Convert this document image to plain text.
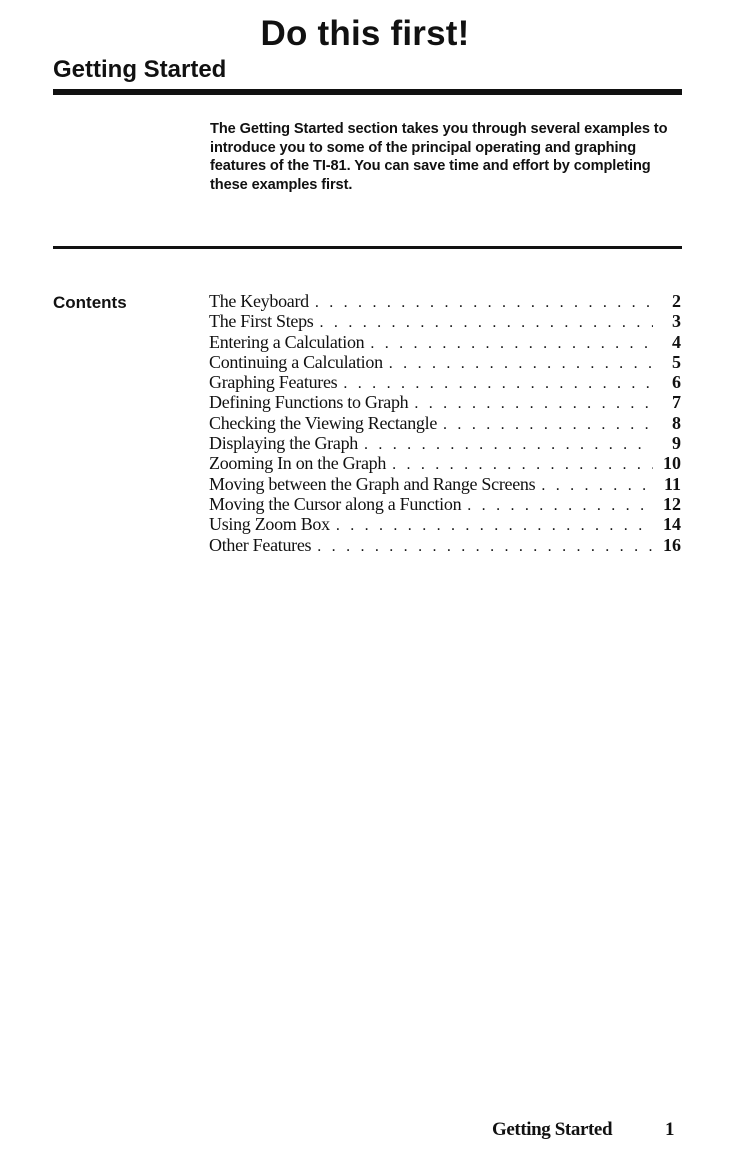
Do this first!
Getting Started

The Getting Started section takes you through several examples to introduce you to some of the principal operating and graphing features of the TI-81. You can save time and effort by completing these examples first.

Contents	The Keyboard . . .	2
The First Steps . . .	3
Entering a Calculation . . .	4
Continuing a Calculation . . .	5
Graphing Features . . .	6
Defining Functions to Graph . . .	7
Checking the Viewing Rectangle . . .	8
Displaying the Graph . . .	9
Zooming In on the Graph . . .	10
Moving between the Graph and Range Screens . . .	11
Moving the Cursor along a Function . . .	12
Using Zoom Box . . .	14
Other Features . . .	16
Getting Started	1
